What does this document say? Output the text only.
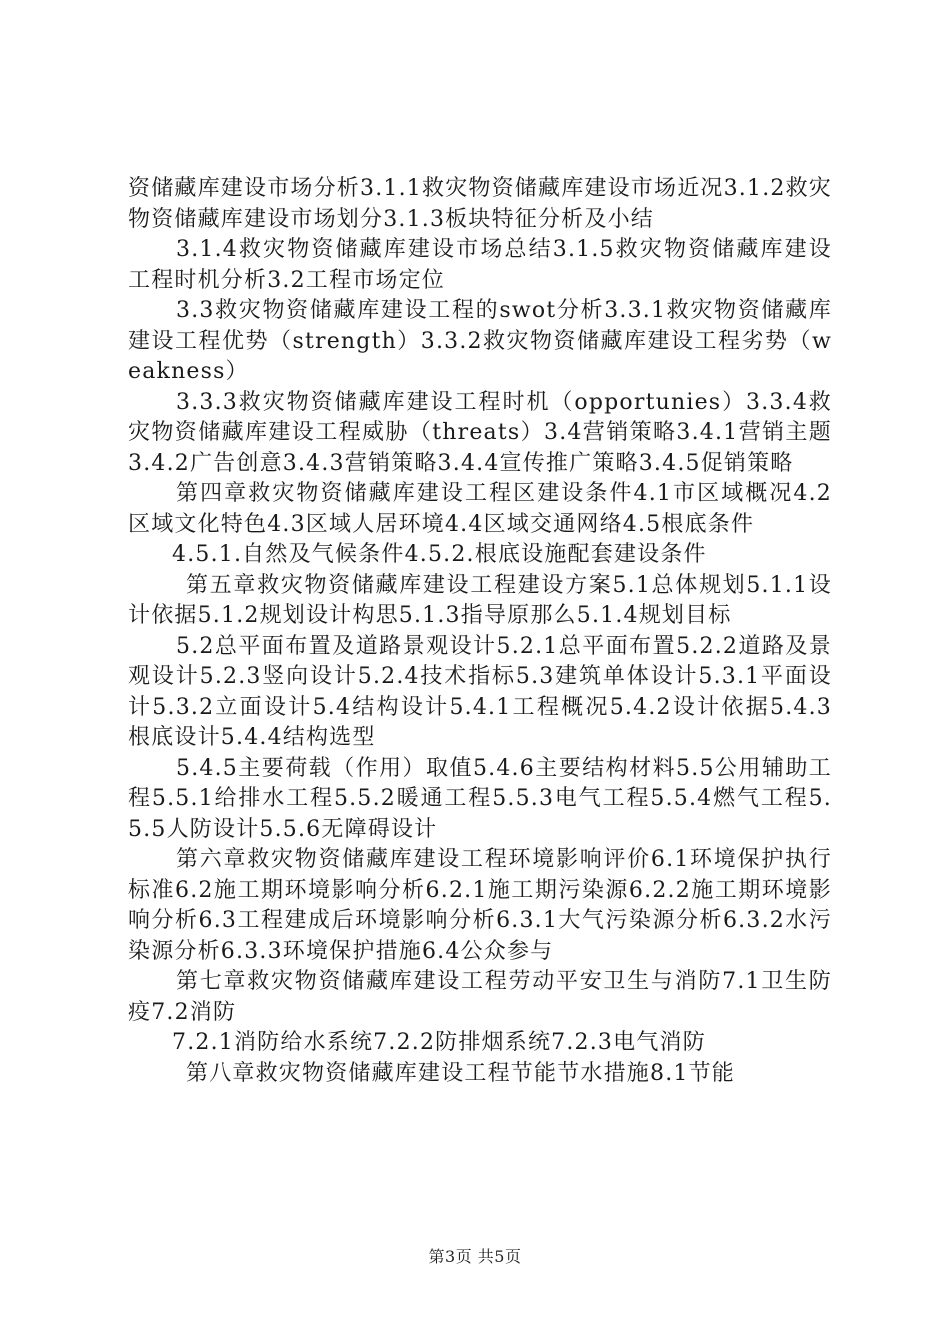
资储藏库建设市场分析3.1.1救灾物资储藏库建设市场近况3.1.2救灾物资储藏库建设市场划分3.1.3板块特征分析及小结

3.1.4救灾物资储藏库建设市场总结3.1.5救灾物资储藏库建设工程时机分析3.2工程市场定位

3.3救灾物资储藏库建设工程的swot分析3.3.1救灾物资储藏库建设工程优势（strength）3.3.2救灾物资储藏库建设工程劣势（weakness）

3.3.3救灾物资储藏库建设工程时机（opportunies）3.3.4救灾物资储藏库建设工程威胁（threats）3.4营销策略3.4.1营销主题3.4.2广告创意3.4.3营销策略3.4.4宣传推广策略3.4.5促销策略

第四章救灾物资储藏库建设工程区建设条件4.1市区域概况4.2区域文化特色4.3区域人居环境4.4区域交通网络4.5根底条件

4.5.1.自然及气候条件4.5.2.根底设施配套建设条件

第五章救灾物资储藏库建设工程建设方案5.1总体规划5.1.1设计依据5.1.2规划设计构思5.1.3指导原那么5.1.4规划目标

5.2总平面布置及道路景观设计5.2.1总平面布置5.2.2道路及景观设计5.2.3竖向设计5.2.4技术指标5.3建筑单体设计5.3.1平面设计5.3.2立面设计5.4结构设计5.4.1工程概况5.4.2设计依据5.4.3根底设计5.4.4结构选型

5.4.5主要荷载（作用）取值5.4.6主要结构材料5.5公用辅助工程5.5.1给排水工程5.5.2暖通工程5.5.3电气工程5.5.4燃气工程5.5.5人防设计5.5.6无障碍设计

第六章救灾物资储藏库建设工程环境影响评价6.1环境保护执行标准6.2施工期环境影响分析6.2.1施工期污染源6.2.2施工期环境影响分析6.3工程建成后环境影响分析6.3.1大气污染源分析6.3.2水污染源分析6.3.3环境保护措施6.4公众参与

第七章救灾物资储藏库建设工程劳动平安卫生与消防7.1卫生防疫7.2消防

7.2.1消防给水系统7.2.2防排烟系统7.2.3电气消防

第八章救灾物资储藏库建设工程节能节水措施8.1节能

第3页 共5页
